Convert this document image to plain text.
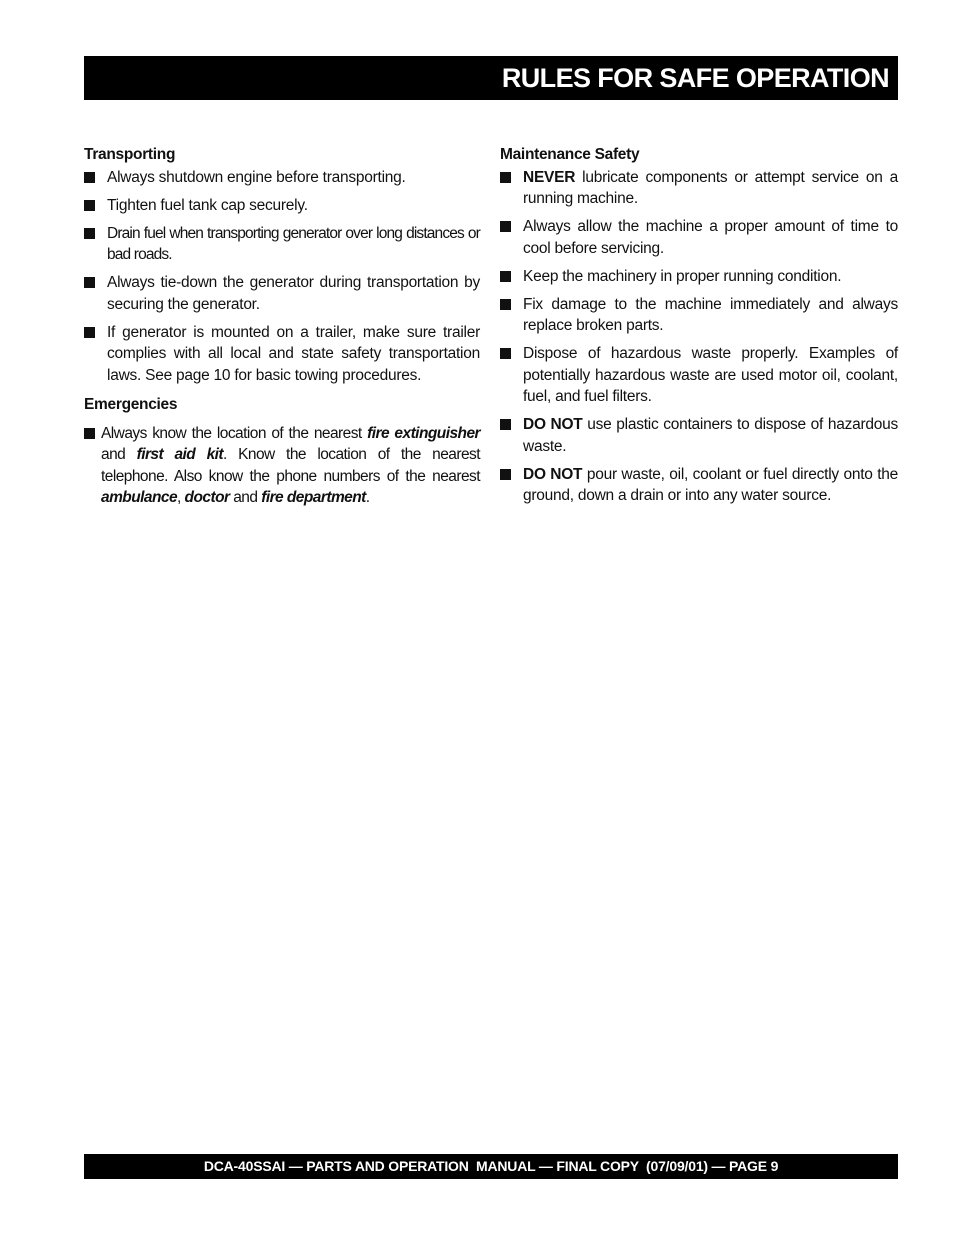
RULES FOR SAFE OPERATION
Transporting
Always shutdown engine before transporting.
Tighten fuel tank cap securely.
Drain fuel when transporting generator over long distances or bad roads.
Always tie-down the generator during transportation by securing the generator.
If generator is mounted on a trailer, make sure trailer complies with all local and state safety transportation laws. See page 10 for basic towing procedures.
Emergencies
Always know the location of the nearest fire extinguisher and first aid kit. Know the location of the nearest telephone. Also know the phone numbers of the nearest ambulance, doctor and fire department.
Maintenance Safety
NEVER lubricate components or attempt service on a running machine.
Always allow the machine a proper amount of time to cool before servicing.
Keep the machinery in proper running condition.
Fix damage to the machine immediately and always replace broken parts.
Dispose of hazardous waste properly. Examples of potentially hazardous waste are used motor oil, coolant, fuel, and fuel filters.
DO NOT use plastic containers to dispose of hazardous waste.
DO NOT pour waste, oil, coolant or fuel directly onto the ground, down a drain or into any water source.
DCA-40SSAI — PARTS AND OPERATION  MANUAL — FINAL COPY  (07/09/01) — PAGE 9
